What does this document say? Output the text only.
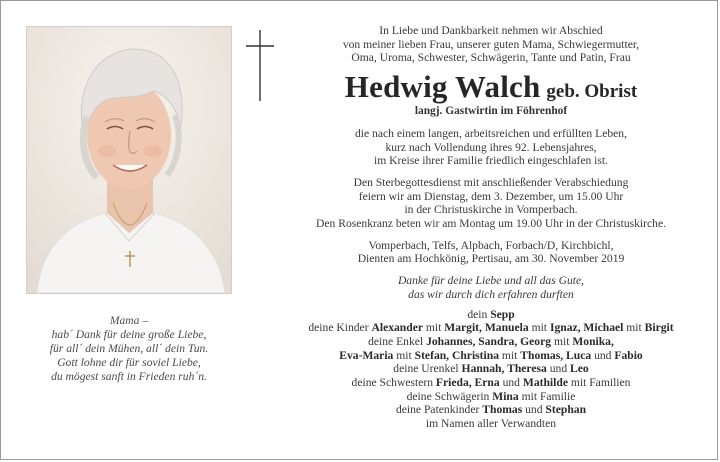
Mama –
hab´ Dank für deine große Liebe,
für all´ dein Mühen, all´ dein Tun.
Gott lohne dir für soviel Liebe,
du mögest sanft in Frieden ruh´n.
In Liebe und Dankbarkeit nehmen wir Abschied
von meiner lieben Frau, unserer guten Mama, Schwiegermutter,
Oma, Uroma, Schwester, Schwägerin, Tante und Patin, Frau
Hedwig Walch geb. Obrist
langj. Gastwirtin im Föhrenhof
die nach einem langen, arbeitsreichen und erfüllten Leben,
kurz nach Vollendung ihres 92. Lebensjahres,
im Kreise ihrer Familie friedlich eingeschlafen ist.
Den Sterbegottesdienst mit anschließender Verabschiedung
feiern wir am Dienstag, dem 3. Dezember, um 15.00 Uhr
in der Christuskirche in Vomperbach.
Den Rosenkranz beten wir am Montag um 19.00 Uhr in der Christuskirche.
Vomperbach, Telfs, Alpbach, Forbach/D, Kirchbichl,
Dienten am Hochkönig, Pertisau, am 30. November 2019
Danke für deine Liebe und all das Gute,
das wir durch dich erfahren durften
dein Sepp
deine Kinder Alexander mit Margit, Manuela mit Ignaz, Michael mit Birgit
deine Enkel Johannes, Sandra, Georg mit Monika,
Eva-Maria mit Stefan, Christina mit Thomas, Luca und Fabio
deine Urenkel Hannah, Theresa und Leo
deine Schwestern Frieda, Erna und Mathilde mit Familien
deine Schwägerin Mina mit Familie
deine Patenkinder Thomas und Stephan
im Namen aller Verwandten
